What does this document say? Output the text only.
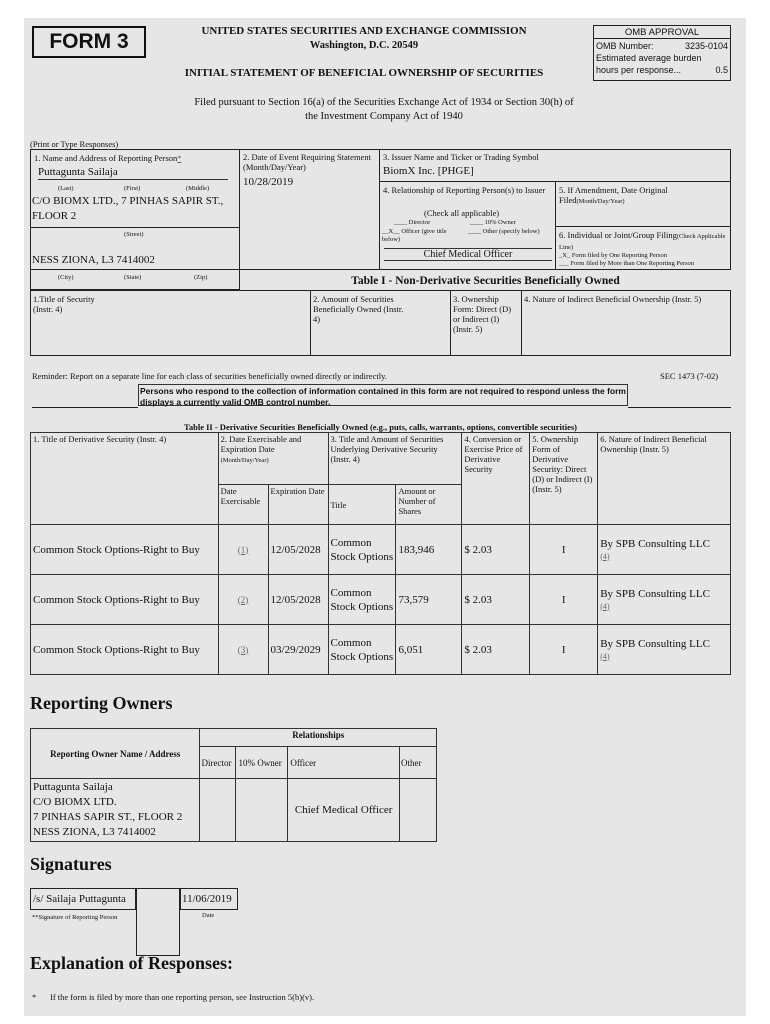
FORM 3	UNITED STATES SECURITIES AND EXCHANGE COMMISSION
Washington, D.C. 20549
INITIAL STATEMENT OF BENEFICIAL OWNERSHIP OF SECURITIES
OMB APPROVAL
OMB Number:	3235-0104
Estimated average burden
hours per response...	0.5
Filed pursuant to Section 16(a) of the Securities Exchange Act of 1934 or Section 30(h) of
the Investment Company Act of 1940
(Print or Type Responses)
1. Name and Address of Reporting Person*
Puttagunta Sailaja
(Last)	(First)	(Middle)
C/O BIOMX LTD., 7 PINHAS SAPIR ST., FLOOR 2
(Street)
NESS ZIONA, L3 7414002
(City)	(State)	(Zip)
2. Date of Event Requiring Statement (Month/Day/Year)
10/28/2019
3. Issuer Name and Ticker or Trading Symbol
BiomX Inc. [PHGE]
4. Relationship of Reporting Person(s) to Issuer
(Check all applicable)
____ Director	____ 10% Owner
__X__ Officer (give title below)
____ Other (specify below)
Chief Medical Officer
5. If Amendment, Date Original Filed(Month/Day/Year)
6. Individual or Joint/Group Filing(Check Applicable Line)
_X_ Form filed by One Reporting Person
___ Form filed by More than One Reporting Person
Table I - Non-Derivative Securities Beneficially Owned
1.Title of Security (Instr. 4)
2. Amount of Securities Beneficially Owned (Instr. 4)
3. Ownership Form: Direct (D) or Indirect (I) (Instr. 5)
4. Nature of Indirect Beneficial Ownership (Instr. 5)
Reminder: Report on a separate line for each class of securities beneficially owned directly or indirectly.	SEC 1473 (7-02)
Persons who respond to the collection of information contained in this form are not required to respond unless the form displays a currently valid OMB control number.
Table II - Derivative Securities Beneficially Owned (e.g., puts, calls, warrants, options, convertible securities)
1. Title of Derivative Security (Instr. 4)	2. Date Exercisable and Expiration Date
(Month/Day/Year)		3. Title and Amount of Securities Underlying Derivative Security (Instr. 4)		4. Conversion or Exercise Price of Derivative Security	5. Ownership Form of Derivative Security: Direct (D) or Indirect (I) (Instr. 5)	6. Nature of Indirect Beneficial Ownership (Instr. 5)
	Date Exercisable	Expiration Date	Title	Amount or Number of Shares			
Common Stock Options-Right to Buy	(1)	12/05/2028	Common Stock Options	183,946	$ 2.03	I	By SPB Consulting LLC
(4)
Common Stock Options-Right to Buy	(2)	12/05/2028	Common Stock Options	73,579	$ 2.03	I	By SPB Consulting LLC
(4)
Common Stock Options-Right to Buy	(3)	03/29/2029	Common Stock Options	6,051	$ 2.03	I	By SPB Consulting LLC
(4)
Reporting Owners
Reporting Owner Name / Address	Relationships			
	Director	10% Owner	Officer	Other

Puttagunta Sailaja
C/O BIOMX LTD.
7 PINHAS SAPIR ST., FLOOR 2
NESS ZIONA, L3 7414002			Chief Medical Officer	
Signatures
/s/ Sailaja Puttagunta	11/06/2019
**Signature of Reporting Person	Date
Explanation of Responses:
* If the form is filed by more than one reporting person, see Instruction 5(b)(v).
